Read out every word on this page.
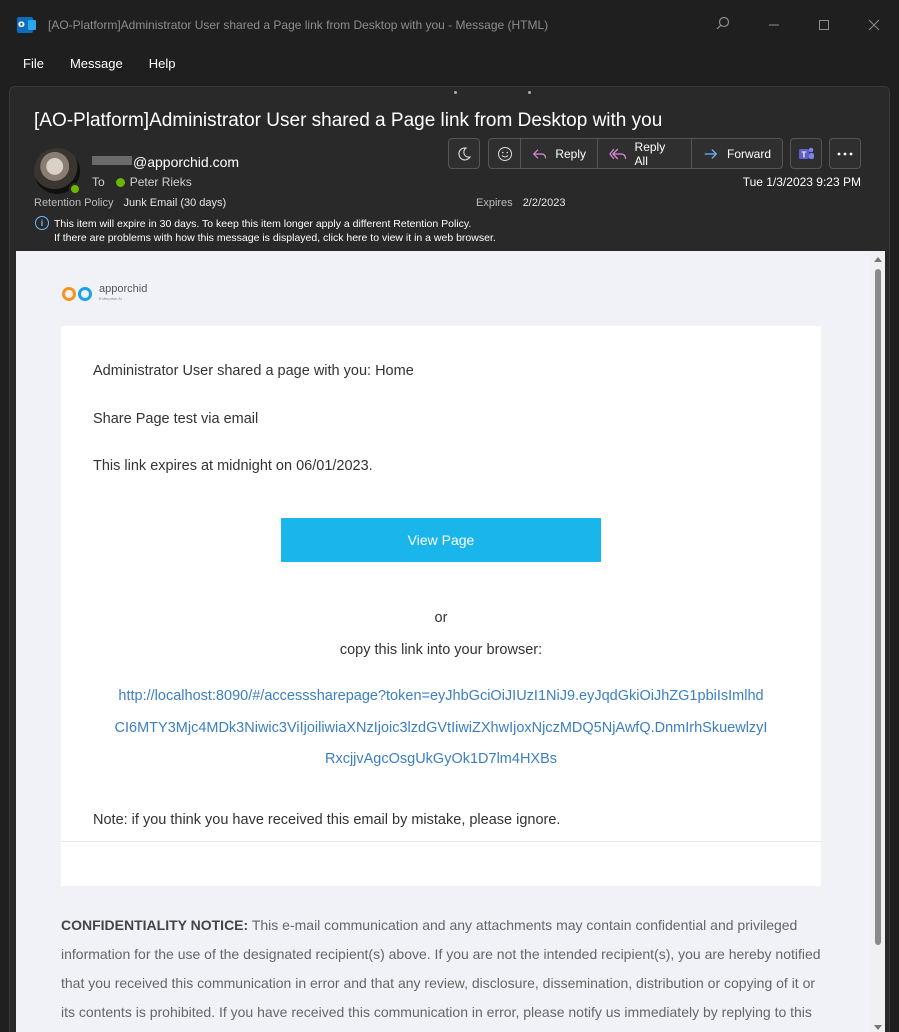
o [AO-Platform]Administrator User shared a Page link from Desktop with you - Message (HTML)
File	Message	Help
[AO-Platform]Administrator User shared a Page link from Desktop with you
@apporchid.com
To Peter Rieks
Retention Policy Junk Email (30 days)	Expires 2/2/2023
i	This item will expire in 30 days. To keep this item longer apply a different Retention Policy.
If there are problems with how this message is displayed, click here to view it in a web browser.
Reply	Reply All	Forward	T
Tue 1/3/2023 9:23 PM
apporchid
Enterprise AI
Administrator User shared a page with you: Home
Share Page test via email
This link expires at midnight on 06/01/2023.
View Page
or
copy this link into your browser:
http://localhost:8090/#/accesssharepage?token=eyJhbGciOiJIUzI1NiJ9.eyJqdGkiOiJhZG1pbiIsImlhd
CI6MTY3Mjc4MDk3Niwic3ViIjoiliwiaXNzIjoic3lzdGVtIiwiZXhwIjoxNjczMDQ5NjAwfQ.DnmIrhSkuewlzyI
RxcjjvAgcOsgUkGyOk1D7lm4HXBs
Note: if you think you have received this email by mistake, please ignore.
CONFIDENTIALITY NOTICE: This e-mail communication and any attachments may contain confidential and privileged information for the use of the designated recipient(s) above. If you are not the intended recipient(s), you are hereby notified that you received this communication in error and that any review, disclosure, dissemination, distribution or copying of it or its contents is prohibited. If you have received this communication in error, please notify us immediately by replying to this
